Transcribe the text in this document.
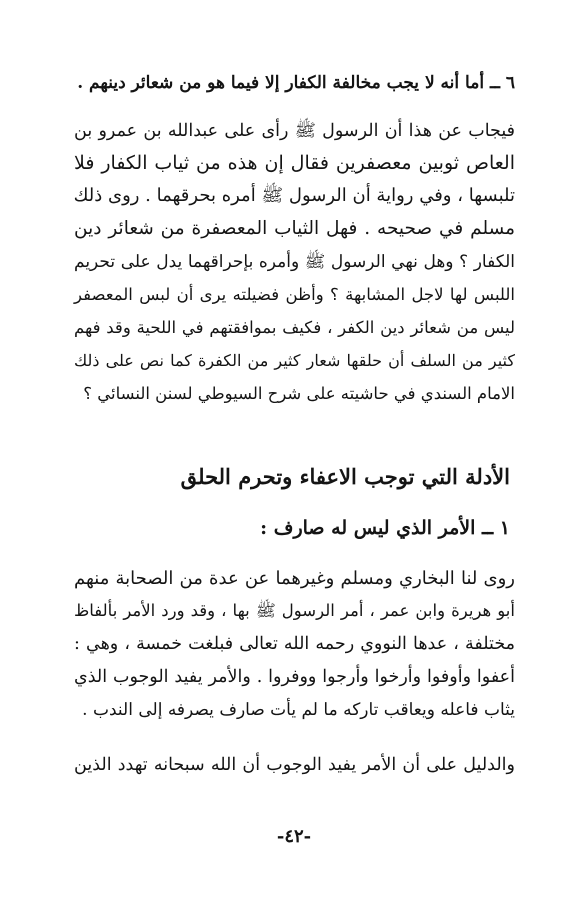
٦ ــ أما أنه لا يجب مخالفة الكفار إلا فيما هو من شعائر دينهم .
فيجاب عن هذا أن الرسول ﷺ رأى على عبدالله بن عمرو بن
العاص ثوبين معصفرين فقال إن هذه من ثياب الكفار فلا
تلبسها ، وفي رواية أن الرسول ﷺ أمره بحرقهما . روى ذلك
مسلم في صحيحه . فهل الثياب المعصفرة من شعائر دين
الكفار ؟ وهل نهي الرسول ﷺ وأمره بإحراقهما يدل على تحريم
اللبس لها لاجل المشابهة ؟ وأظن فضيلته يرى أن لبس المعصفر
ليس من شعائر دين الكفر ، فكيف بموافقتهم في اللحية وقد فهم
كثير من السلف أن حلقها شعار كثير من الكفرة كما نص على ذلك
الامام السندي في حاشيته على شرح السيوطي لسنن النسائي ؟
الأدلة التي توجب الاعفاء وتحرم الحلق
١ ــ الأمر الذي ليس له صارف :
روى لنا البخاري ومسلم وغيرهما عن عدة من الصحابة منهم
أبو هريرة وابن عمر ، أمر الرسول ﷺ بها ، وقد ورد الأمر بألفاظ
مختلفة ، عدها النووي رحمه الله تعالى فبلغت خمسة ، وهي :
أعفوا وأوفوا وأرخوا وأرجوا ووفروا . والأمر يفيد الوجوب الذي
يثاب فاعله ويعاقب تاركه ما لم يأت صارف يصرفه إلى الندب .
والدليل على أن الأمر يفيد الوجوب أن الله سبحانه تهدد الذين
-٤٢-
